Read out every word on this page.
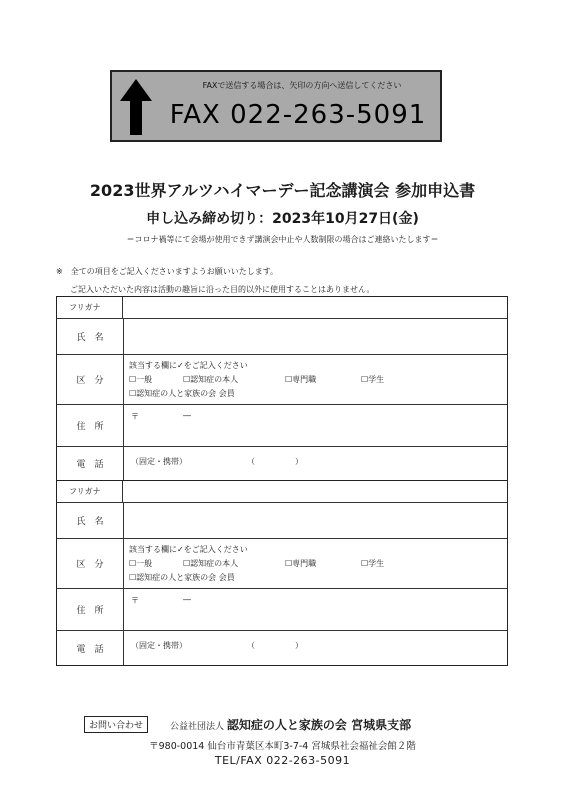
FAXで送信する場合は、矢印の方向へ送信してください
FAX 022-263-5091
2023世界アルツハイマーデー記念講演会 参加申込書
申し込み締め切り：2023年10月27日(金)
＝コロナ禍等にて会場が使用できず講演会中止や人数制限の場合はご連絡いたします＝
※　全ての項目をご記入くださいますようお願いいたします。
ご記入いただいた内容は活動の趣旨に沿った目的以外に使用することはありません。
フリガナ
氏　名
区　分
該当する欄に✓をご記入ください
☐一般	☐認知症の本人	☐専門職	☐学生
☐認知症の人と家族の会 会員
住　所
〒	―
電　話	（固定・携帯）	（　　　　　）
フリガナ
氏　名
区　分
該当する欄に✓をご記入ください
☐一般	☐認知症の本人	☐専門職	☐学生
☐認知症の人と家族の会 会員
住　所
〒	―
電　話	（固定・携帯）	（　　　　　）
お問い合わせ	公益社団法人 認知症の人と家族の会 宮城県支部
〒980-0014 仙台市青葉区本町3-7-4 宮城県社会福祉会館２階
TEL/FAX 022-263-5091
